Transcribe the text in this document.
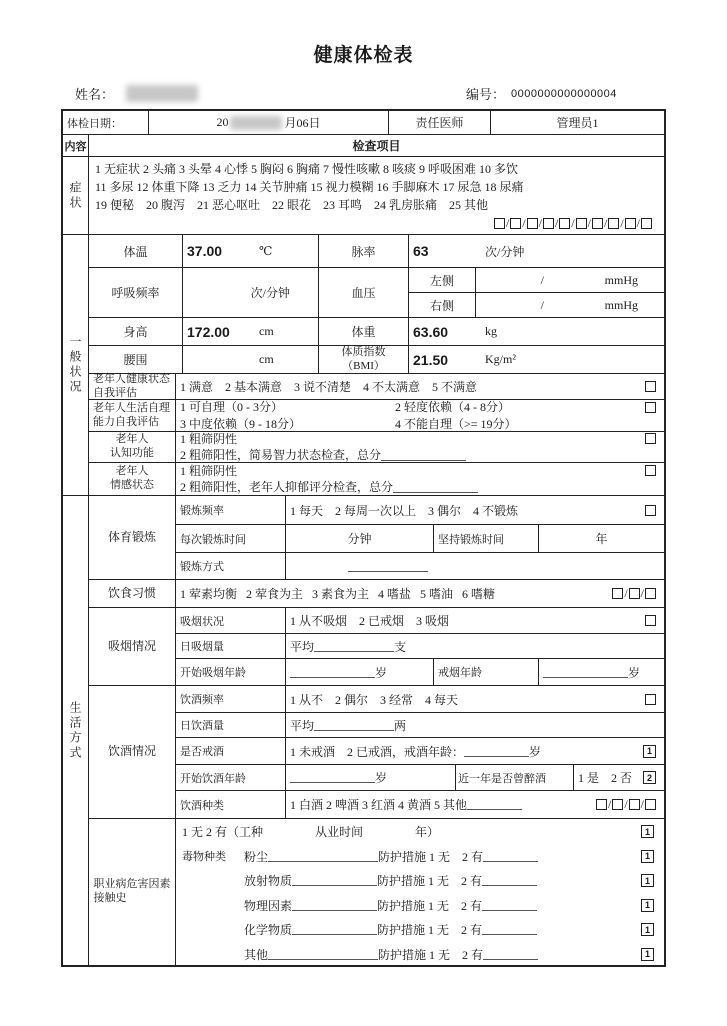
健康体检表
姓名：	编号： 0000000000000004
体检日期：	20	月06日	责任医师	管理员1
内容	检查项目
症状
1 无症状 2 头痛 3 头晕 4 心悸 5 胸闷 6 胸痛 7 慢性咳嗽 8 咳痰 9 呼吸困难 10 多饮
11 多尿 12 体重下降 13 乏力 14 关节肿痛 15 视力模糊 16 手脚麻木 17 尿急 18 尿痛
19 便秘    20 腹泻    21 恶心呕吐    22 眼花    23 耳鸣    24 乳房胀痛    25 其他
/ / / / / / / / /
一般状况
体温	37.00	℃	脉率	63	次/分钟
呼吸频率	次/分钟	血压
左侧	/	mmHg
右侧	/	mmHg
身高	172.00	cm	体重	63.60	kg
腰围	cm
体质指数
（BMI） 21.50	Kg/m²
老年人健康状态
自我评估	1 满意    2 基本满意    3 说不清楚    4 不太满意    5 不满意
老年人生活自理
能力自我评估
1 可自理（0 - 3分）	2 轻度依赖（4 - 8分）
3 中度依赖（9 - 18分）	4 不能自理（>= 19分）
老年人
认知功能
1 粗筛阴性
2 粗筛阳性，简易智力状态检查，总分
老年人
情感状态
1 粗筛阴性
2 粗筛阳性，老年人抑郁评分检查，总分
生活方式
体育锻炼
锻炼频率	1 每天    2 每周一次以上    3 偶尔    4 不锻炼
每次锻炼时间	分钟	坚持锻炼时间	年
锻炼方式
饮食习惯	1 荤素均衡   2 荤食为主   3 素食为主   4 嗜盐   5 嗜油   6 嗜糖	/ /
吸烟情况
吸烟状况	1 从不吸烟    2 已戒烟    3 吸烟
日吸烟量	平均	支
开始吸烟年龄	岁	戒烟年龄	岁
饮酒情况
饮酒频率	1 从不    2 偶尔    3 经常    4 每天
日饮酒量	平均	两
是否戒酒	1 未戒酒    2 已戒酒，戒酒年龄：	岁	1
开始饮酒年龄	岁	近一年是否曾醉酒	1 是    2 否	2
饮酒种类	1 白酒 2 啤酒 3 红酒 4 黄酒 5 其他	/ / /
职业病危害因素
接触史
1 无 2 有（工种	从业时间	年）	1
毒物种类	粉尘	防护措施 1 无    2 有	1
放射物质	防护措施 1 无    2 有	1
物理因素	防护措施 1 无    2 有	1
化学物质	防护措施 1 无    2 有	1
其他	防护措施 1 无    2 有	1
